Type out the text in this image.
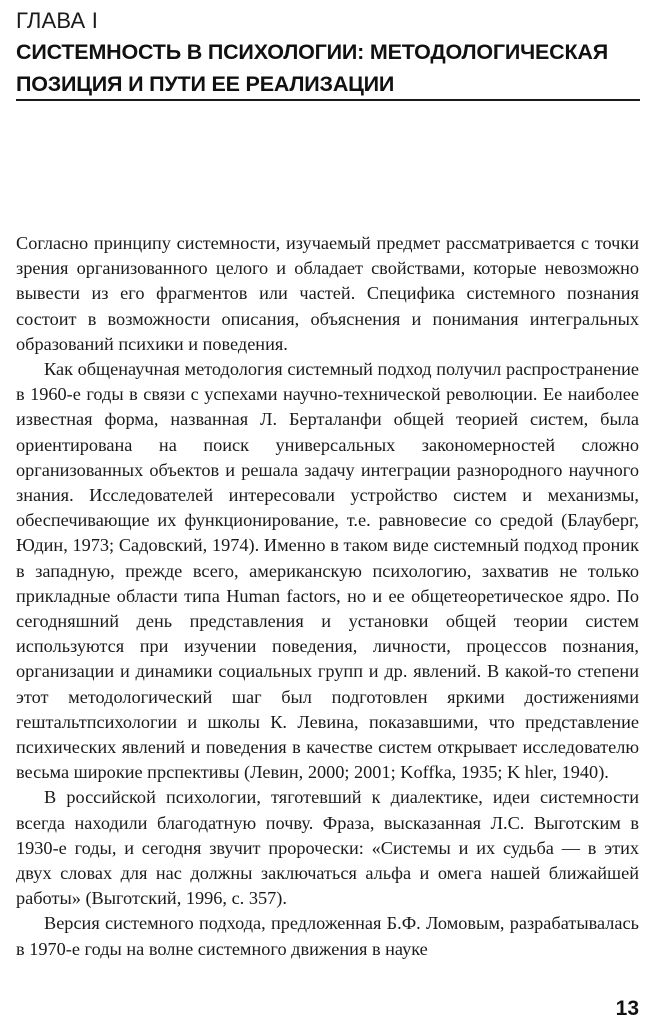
ГЛАВА I
СИСТЕМНОСТЬ В ПСИХОЛОГИИ: МЕТОДОЛОГИЧЕСКАЯ ПОЗИЦИЯ И ПУТИ ЕЕ РЕАЛИЗАЦИИ

Согласно принципу системности, изучаемый предмет рассматривается с точки зрения организованного целого и обладает свойствами, которые невозможно вывести из его фрагментов или частей. Специфика системного познания состоит в возможности описания, объяснения и понимания интегральных образований психики и поведения.

Как общенаучная методология системный подход получил распространение в 1960-е годы в связи с успехами научно-технической революции. Ее наиболее известная форма, названная Л. Берталанфи общей теорией систем, была ориентирована на поиск универсальных закономерностей сложно организованных объектов и решала задачу интеграции разнородного научного знания. Исследователей интересовали устройство систем и механизмы, обеспечивающие их функционирование, т.е. равновесие со средой (Блауберг, Юдин, 1973; Садовский, 1974). Именно в таком виде системный подход проник в западную, прежде всего, американскую психологию, захватив не только прикладные области типа Human factors, но и ее общетеоретическое ядро. По сегодняшний день представления и установки общей теории систем используются при изучении поведения, личности, процессов познания, организации и динамики социальных групп и др. явлений. В какой-то степени этот методологический шаг был подготовлен яркими достижениями гештальтпсихологии и школы К. Левина, показавшими, что представление психических явлений и поведения в качестве систем открывает исследователю весьма широкие прспективы (Левин, 2000; 2001; Koffka, 1935; K hler, 1940).

В российской психологии, тяготевший к диалектике, идеи системности всегда находили благодатную почву. Фраза, высказанная Л.С. Выготским в 1930-е годы, и сегодня звучит пророчески: «Системы и их судьба — в этих двух словах для нас должны заключаться альфа и омега нашей ближайшей работы» (Выготский, 1996, с. 357).

Версия системного подхода, предложенная Б.Ф. Ломовым, разрабатывалась в 1970-е годы на волне системного движения в науке

13
